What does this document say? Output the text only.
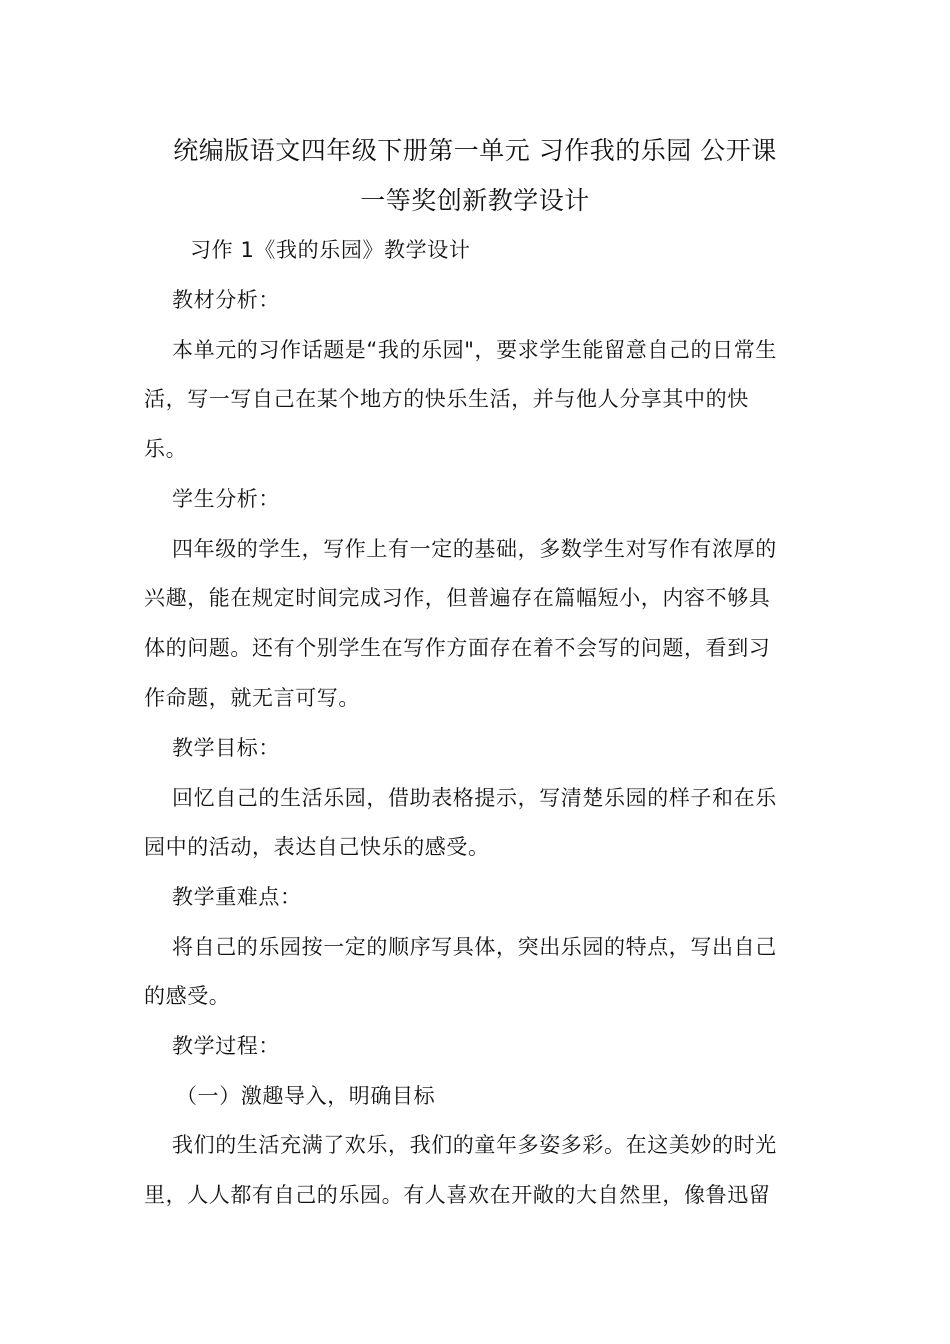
统编版语文四年级下册第一单元 习作我的乐园 公开课
一等奖创新教学设计
习作 1《我的乐园》教学设计
教材分析：
本单元的习作话题是“我的乐园"，要求学生能留意自己的日常生
活，写一写自己在某个地方的快乐生活，并与他人分享其中的快
乐。
学生分析：
四年级的学生，写作上有一定的基础，多数学生对写作有浓厚的
兴趣，能在规定时间完成习作，但普遍存在篇幅短小，内容不够具
体的问题。还有个别学生在写作方面存在着不会写的问题，看到习
作命题，就无言可写。
教学目标：
回忆自己的生活乐园，借助表格提示，写清楚乐园的样子和在乐
园中的活动，表达自己快乐的感受。
教学重难点：
将自己的乐园按一定的顺序写具体，突出乐园的特点，写出自己
的感受。
教学过程：
（一）激趣导入，明确目标
我们的生活充满了欢乐，我们的童年多姿多彩。在这美妙的时光
里，人人都有自己的乐园。有人喜欢在开敞的大自然里，像鲁迅留
